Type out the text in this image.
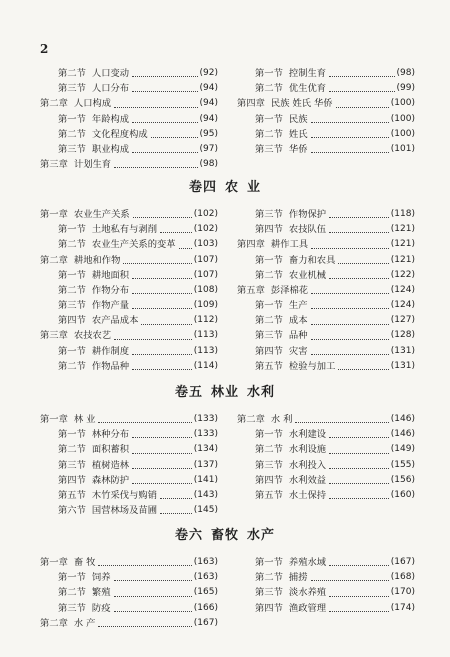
2
第二节 人口变动	(92)
第三节 人口分布	(94)
第二章 人口构成	(94)
第一节 年龄构成	(94)
第二节 文化程度构成	(95)
第三节 职业构成	(97)
第三章 计划生育	(98)
第一节 控制生育	(98)
第二节 优生优育	(99)
第四章 民族 姓氏 华侨	(100)
第一节 民族	(100)
第二节 姓氏	(100)
第三节 华侨	(101)
卷四 农 业
第一章 农业生产关系	(102)
第一节 土地私有与剥削	(102)
第二节 农业生产关系的变革 (103)
第二章 耕地和作物	(107)
第一节 耕地面积	(107)
第二节 作物分布	(108)
第三节 作物产量	(109)
第四节 农产品成本	(112)
第三章 农技农艺	(113)
第一节 耕作制度	(113)
第二节 作物品种	(114)
第三节 作物保护	(118)
第四节 农技队伍	(121)
第四章 耕作工具	(121)
第一节 畜力和农具	(121)
第二节 农业机械	(122)
第五章 彭泽棉花	(124)
第一节 生产	(124)
第二节 成本	(127)
第三节 品种	(128)
第四节 灾害	(131)
第五节 检验与加工	(131)
卷五 林业 水利
第一章 林 业	(133)
第一节 林种分布	(133)
第二节 面积蓄积	(134)
第三节 植树造林	(137)
第四节 森林防护	(141)
第五节 木竹采伐与购销	(143)
第六节 国营林场及苗圃	(145)
第二章 水 利	(146)
第一节 水利建设	(146)
第二节 水利设施	(149)
第三节 水利投入	(155)
第四节 水利效益	(156)
第五节 水土保持	(160)
卷六 畜牧 水产
第一章 畜 牧	(163)
第一节 饲养	(163)
第二节 繁殖	(165)
第三节 防疫	(166)
第二章 水 产	(167)
第一节 养殖水域	(167)
第二节 捕捞	(168)
第三节 淡水养殖	(170)
第四节 渔政管理	(174)
